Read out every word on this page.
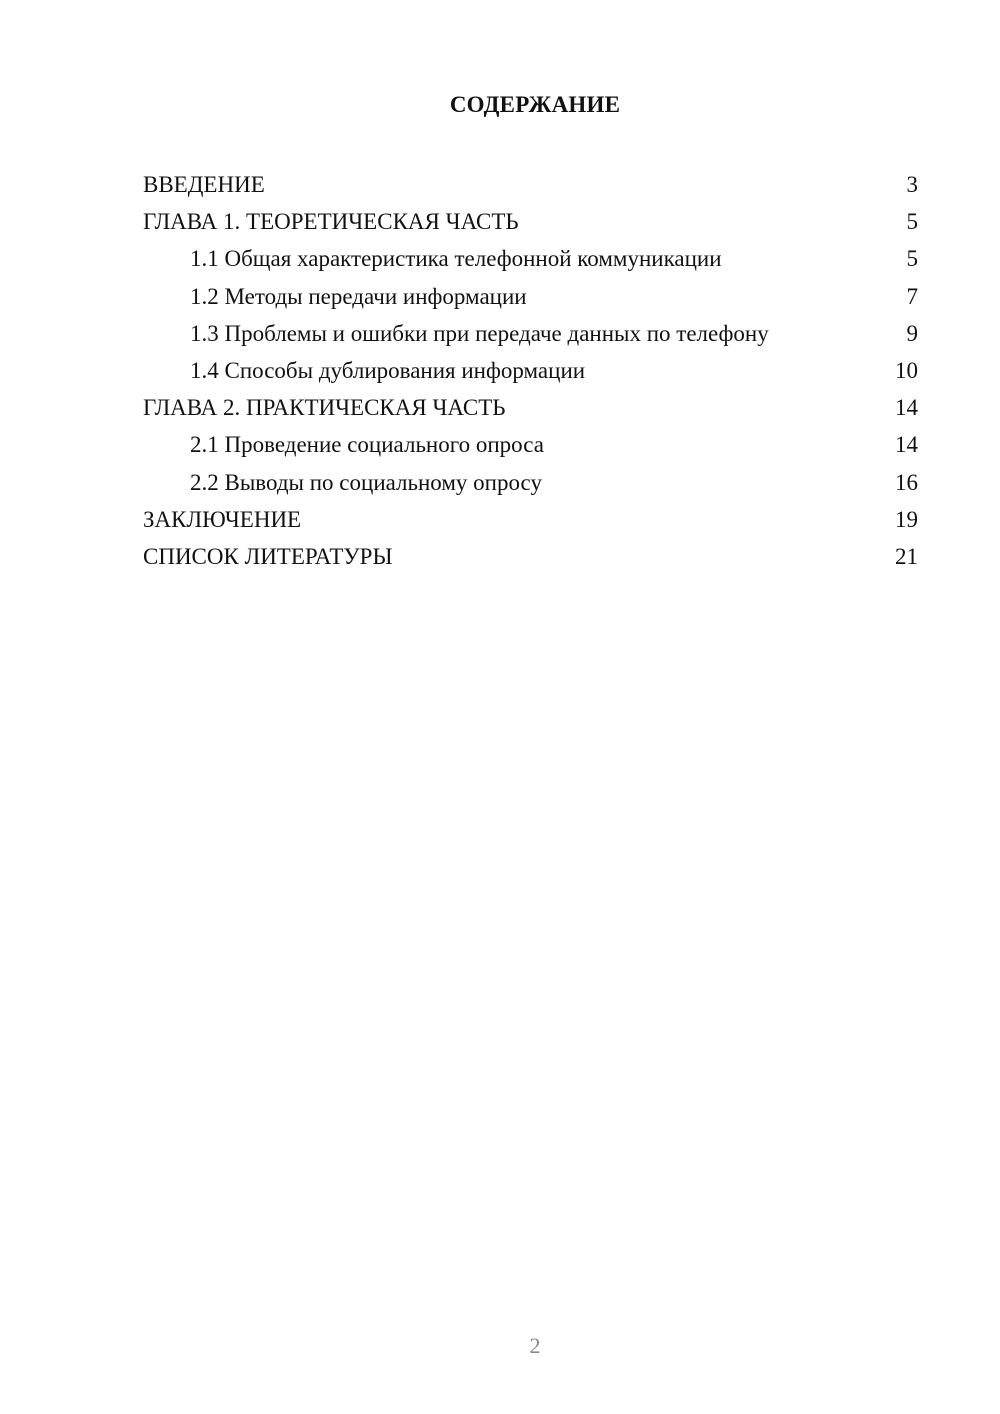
СОДЕРЖАНИЕ
ВВЕДЕНИЕ	3
ГЛАВА 1. ТЕОРЕТИЧЕСКАЯ ЧАСТЬ	5
1.1 Общая характеристика телефонной коммуникации	5
1.2 Методы передачи информации	7
1.3 Проблемы и ошибки при передаче данных по телефону	9
1.4 Способы дублирования информации	10
ГЛАВА 2. ПРАКТИЧЕСКАЯ ЧАСТЬ	14
2.1 Проведение социального опроса	14
2.2 Выводы по социальному опросу	16
ЗАКЛЮЧЕНИЕ	19
СПИСОК ЛИТЕРАТУРЫ	21
2
